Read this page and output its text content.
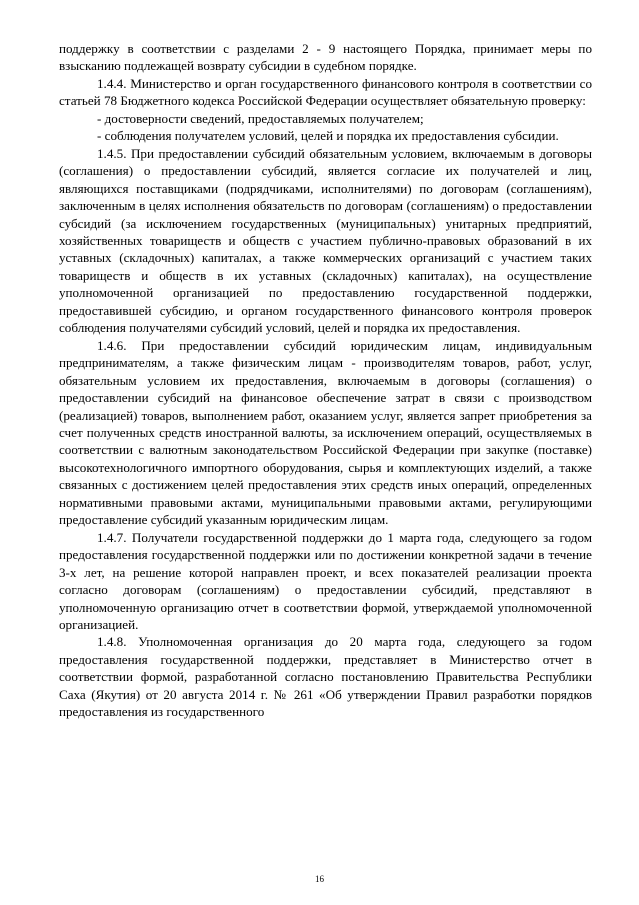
поддержку в соответствии с разделами 2 - 9 настоящего Порядка, принимает меры по взысканию подлежащей возврату субсидии в судебном порядке.

1.4.4. Министерство и орган государственного финансового контроля в соответствии со статьей 78 Бюджетного кодекса Российской Федерации осуществляет обязательную проверку:

- достоверности сведений, предоставляемых получателем;

- соблюдения получателем условий, целей и порядка их предоставления субсидии.

1.4.5. При предоставлении субсидий обязательным условием, включаемым в договоры (соглашения) о предоставлении субсидий, является согласие их получателей и лиц, являющихся поставщиками (подрядчиками, исполнителями) по договорам (соглашениям), заключенным в целях исполнения обязательств по договорам (соглашениям) о предоставлении субсидий (за исключением государственных (муниципальных) унитарных предприятий, хозяйственных товариществ и обществ с участием публично-правовых образований в их уставных (складочных) капиталах, а также коммерческих организаций с участием таких товариществ и обществ в их уставных (складочных) капиталах), на осуществление уполномоченной организацией по предоставлению государственной поддержки, предоставившей субсидию, и органом государственного финансового контроля проверок соблюдения получателями субсидий условий, целей и порядка их предоставления.

1.4.6. При предоставлении субсидий юридическим лицам, индивидуальным предпринимателям, а также физическим лицам - производителям товаров, работ, услуг, обязательным условием их предоставления, включаемым в договоры (соглашения) о предоставлении субсидий на финансовое обеспечение затрат в связи с производством (реализацией) товаров, выполнением работ, оказанием услуг, является запрет приобретения за счет полученных средств иностранной валюты, за исключением операций, осуществляемых в соответствии с валютным законодательством Российской Федерации при закупке (поставке) высокотехнологичного импортного оборудования, сырья и комплектующих изделий, а также связанных с достижением целей предоставления этих средств иных операций, определенных нормативными правовыми актами, муниципальными правовыми актами, регулирующими предоставление субсидий указанным юридическим лицам.

1.4.7. Получатели государственной поддержки до 1 марта года, следующего за годом предоставления государственной поддержки или по достижении конкретной задачи в течение 3-х лет, на решение которой направлен проект, и всех показателей реализации проекта согласно договорам (соглашениям) о предоставлении субсидий, представляют в уполномоченную организацию отчет в соответствии формой, утверждаемой уполномоченной организацией.

1.4.8. Уполномоченная организация до 20 марта года, следующего за годом предоставления государственной поддержки, представляет в Министерство отчет в соответствии формой, разработанной согласно постановлению Правительства Республики Саха (Якутия) от 20 августа 2014 г. № 261 «Об утверждении Правил разработки порядков предоставления из государственного

16
